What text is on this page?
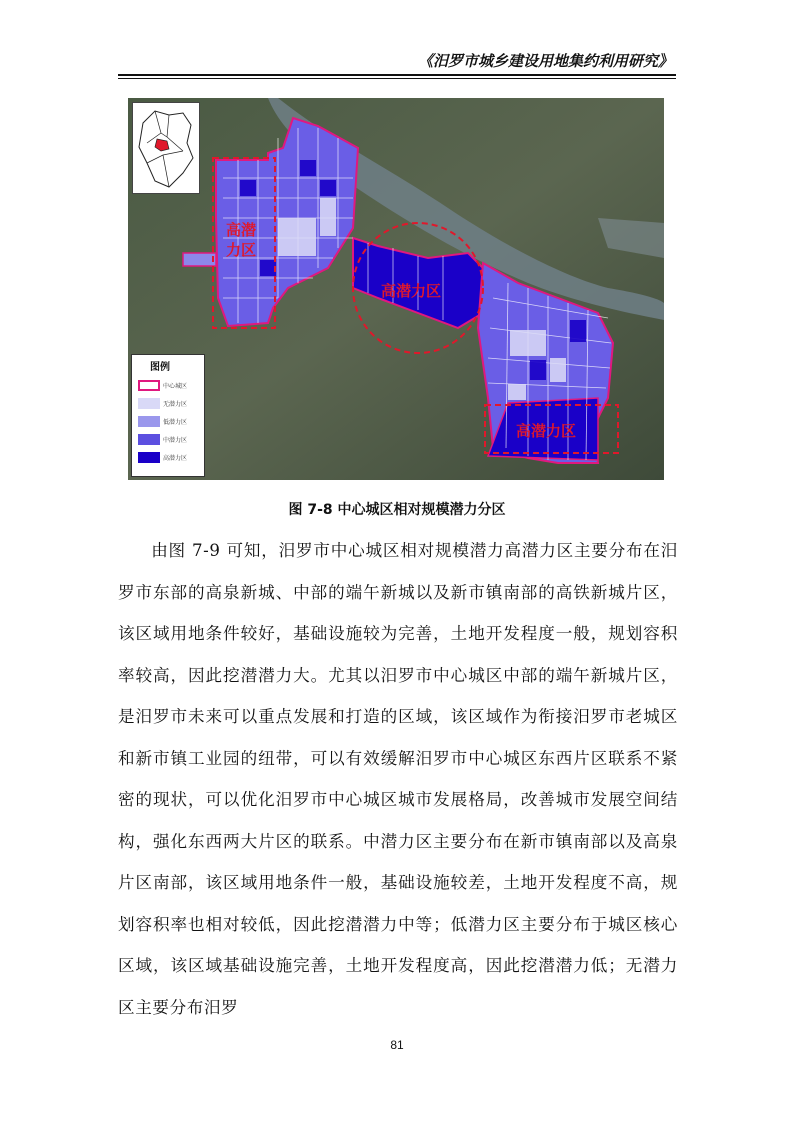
《汨罗市城乡建设用地集约利用研究》
图例
中心城区
无潜力区
低潜力区
中潜力区
高潜力区
高潜
力区
高潜力区
高潜力区
图 7-8 中心城区相对规模潜力分区

由图 7-9 可知，汨罗市中心城区相对规模潜力高潜力区主要分布在汨罗市东部的高泉新城、中部的端午新城以及新市镇南部的高铁新城片区，该区域用地条件较好，基础设施较为完善，土地开发程度一般，规划容积率较高，因此挖潜潜力大。尤其以汨罗市中心城区中部的端午新城片区，是汨罗市未来可以重点发展和打造的区域，该区域作为衔接汨罗市老城区和新市镇工业园的纽带，可以有效缓解汨罗市中心城区东西片区联系不紧密的现状，可以优化汨罗市中心城区城市发展格局，改善城市发展空间结构，强化东西两大片区的联系。中潜力区主要分布在新市镇南部以及高泉片区南部，该区域用地条件一般，基础设施较差，土地开发程度不高，规划容积率也相对较低，因此挖潜潜力中等；低潜力区主要分布于城区核心区域，该区域基础设施完善，土地开发程度高，因此挖潜潜力低；无潜力区主要分布汨罗

81
